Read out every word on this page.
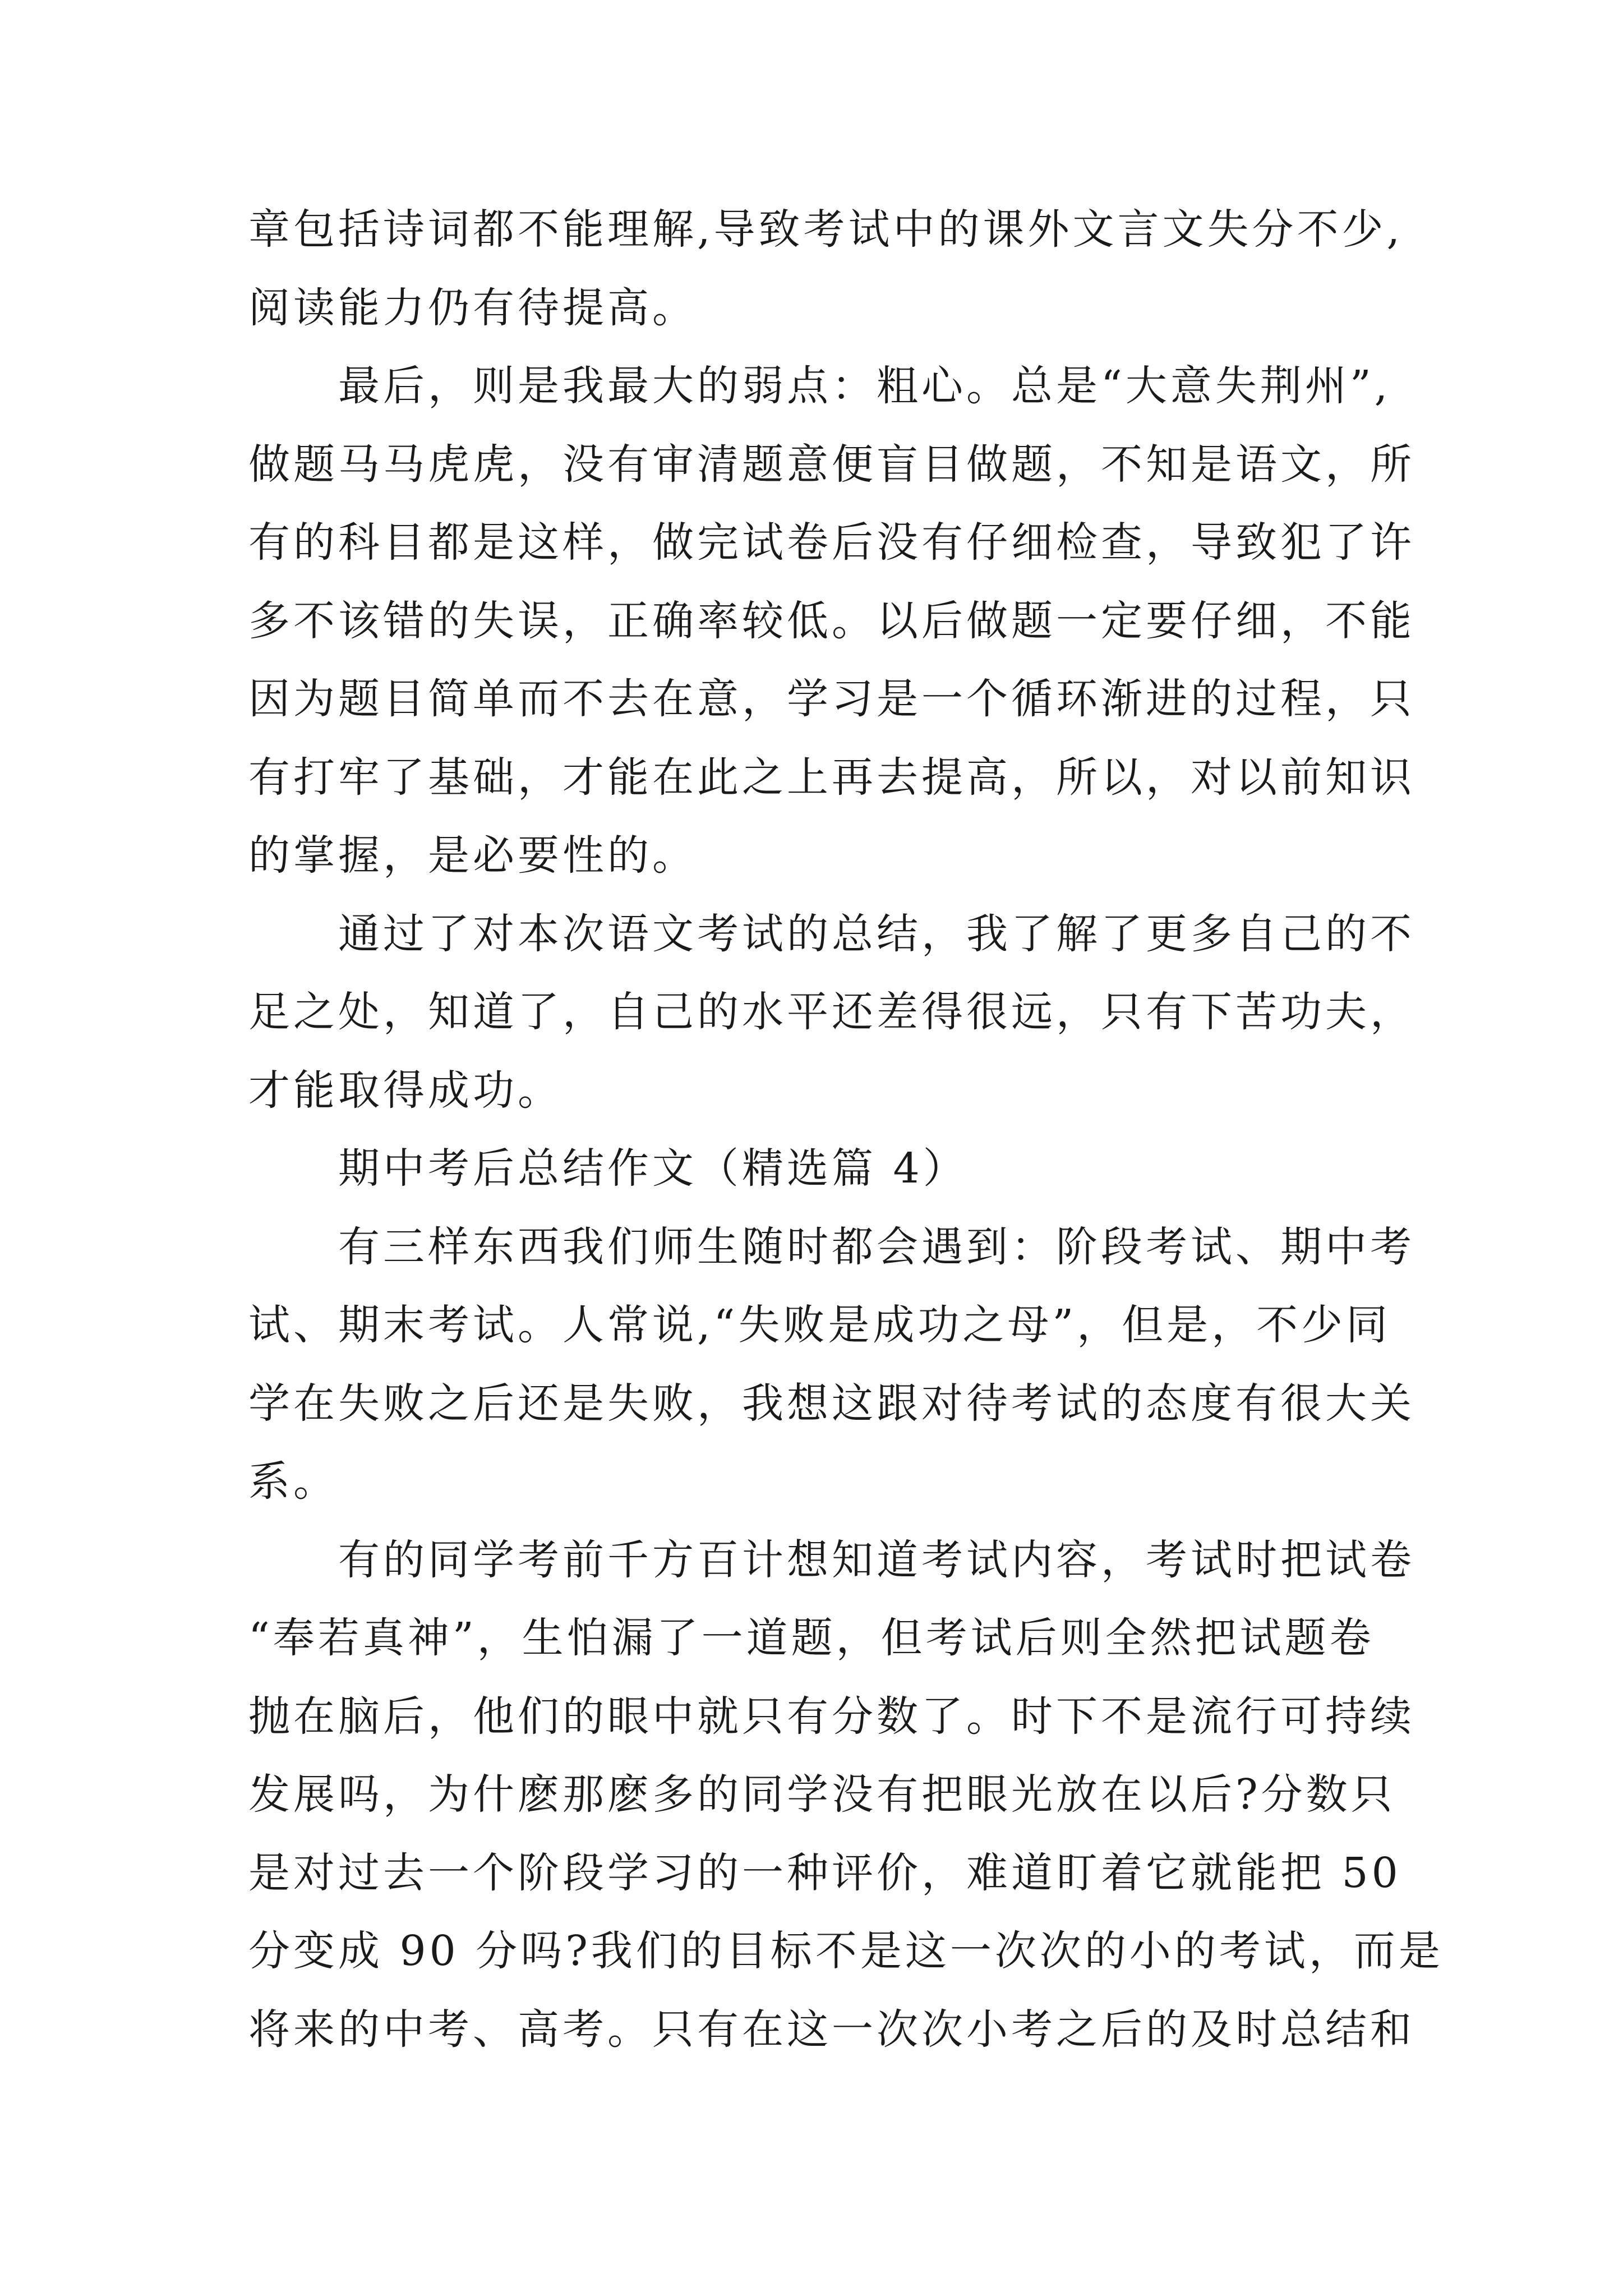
章包括诗词都不能理解,导致考试中的课外文言文失分不少,
阅读能力仍有待提高。
最后，则是我最大的弱点：粗心。总是“大意失荆州”,
做题马马虎虎，没有审清题意便盲目做题，不知是语文，所
有的科目都是这样，做完试卷后没有仔细检查，导致犯了许
多不该错的失误，正确率较低。以后做题一定要仔细，不能
因为题目简单而不去在意，学习是一个循环渐进的过程，只
有打牢了基础，才能在此之上再去提高，所以，对以前知识
的掌握，是必要性的。
通过了对本次语文考试的总结，我了解了更多自己的不
足之处，知道了，自己的水平还差得很远，只有下苦功夫，
才能取得成功。
期中考后总结作文（精选篇 4）
有三样东西我们师生随时都会遇到：阶段考试、期中考
试、期末考试。人常说,“失败是成功之母”，但是，不少同
学在失败之后还是失败，我想这跟对待考试的态度有很大关
系。
有的同学考前千方百计想知道考试内容，考试时把试卷
“奉若真神”，生怕漏了一道题，但考试后则全然把试题卷
抛在脑后，他们的眼中就只有分数了。时下不是流行可持续
发展吗，为什麽那麽多的同学没有把眼光放在以后?分数只
是对过去一个阶段学习的一种评价，难道盯着它就能把 50
分变成 90 分吗?我们的目标不是这一次次的小的考试，而是
将来的中考、高考。只有在这一次次小考之后的及时总结和
